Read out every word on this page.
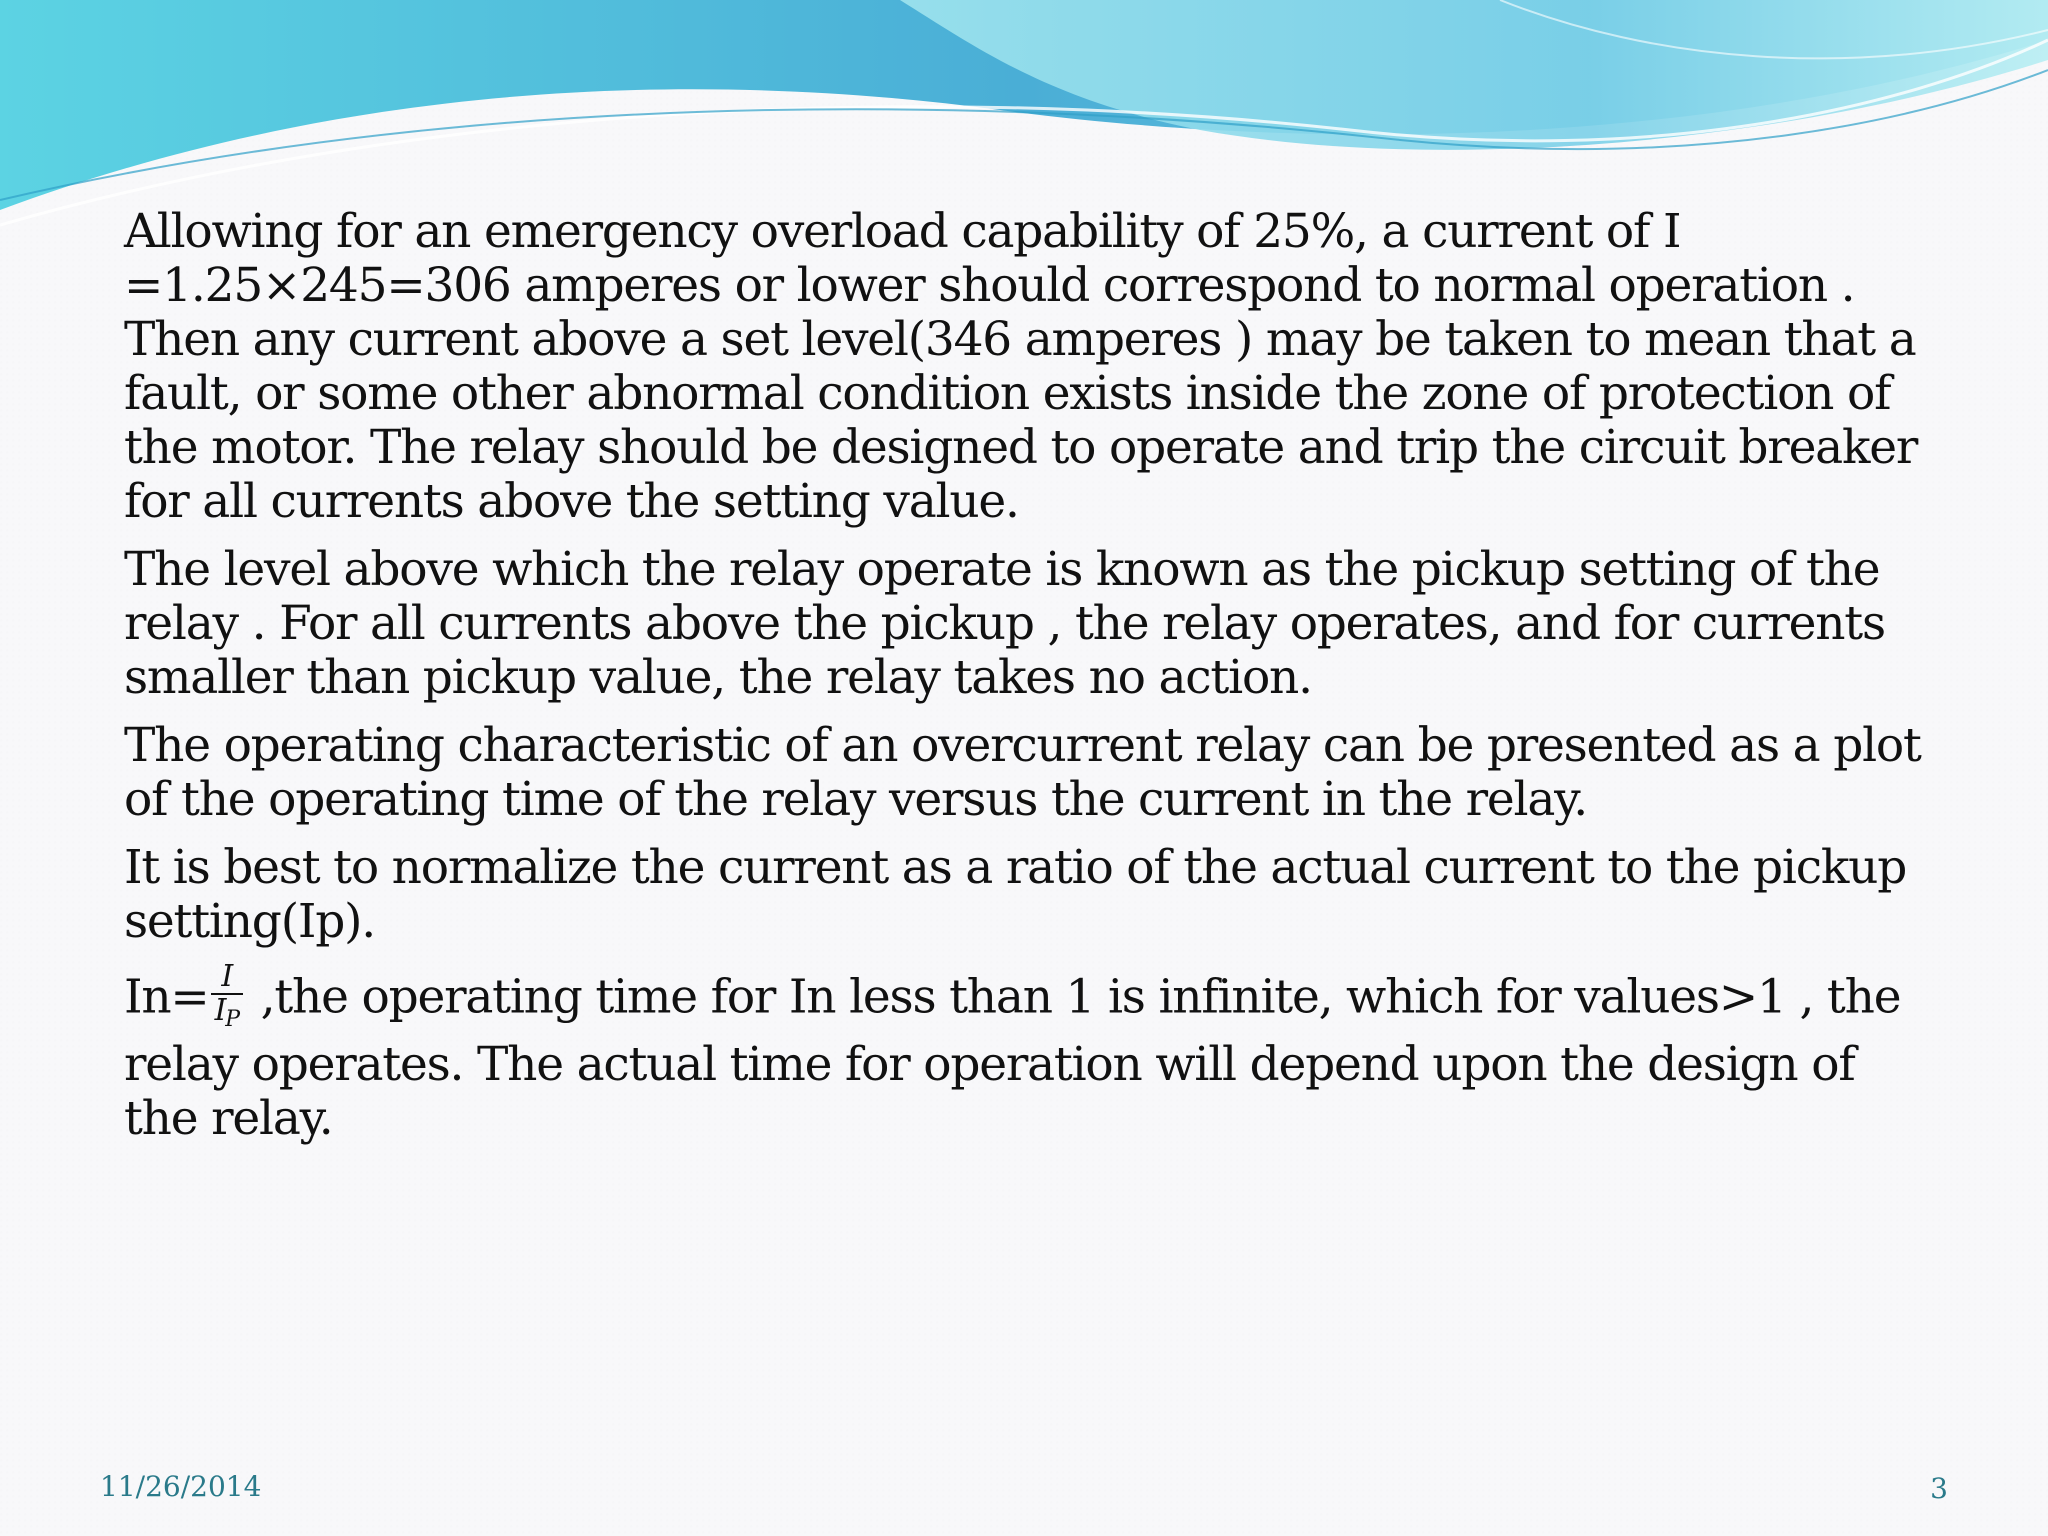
Allowing for an emergency overload capability of 25%, a current of I =1.25×245=306 amperes or lower should correspond to normal operation . Then any current above a set level(346 amperes ) may be taken to mean that a fault, or some other abnormal condition exists inside the zone of protection of the motor. The relay should be designed to operate and trip the circuit breaker for all currents above the setting value.

The level above which the relay operate is known as the pickup setting of the relay . For all currents above the pickup , the relay operates, and for currents smaller than pickup value, the relay takes no action.

The operating characteristic of an overcurrent relay can be presented as a plot of the operating time of the relay versus the current in the relay.

It is best to normalize the current as a ratio of the actual current to the pickup setting(Ip).

$In= \frac{I}{I_P} ,the$ operating time for In less than 1 is infinite, which for values>1 , the relay operates. The actual time for operation will depend upon the design of the relay.

11/26/2014	3
